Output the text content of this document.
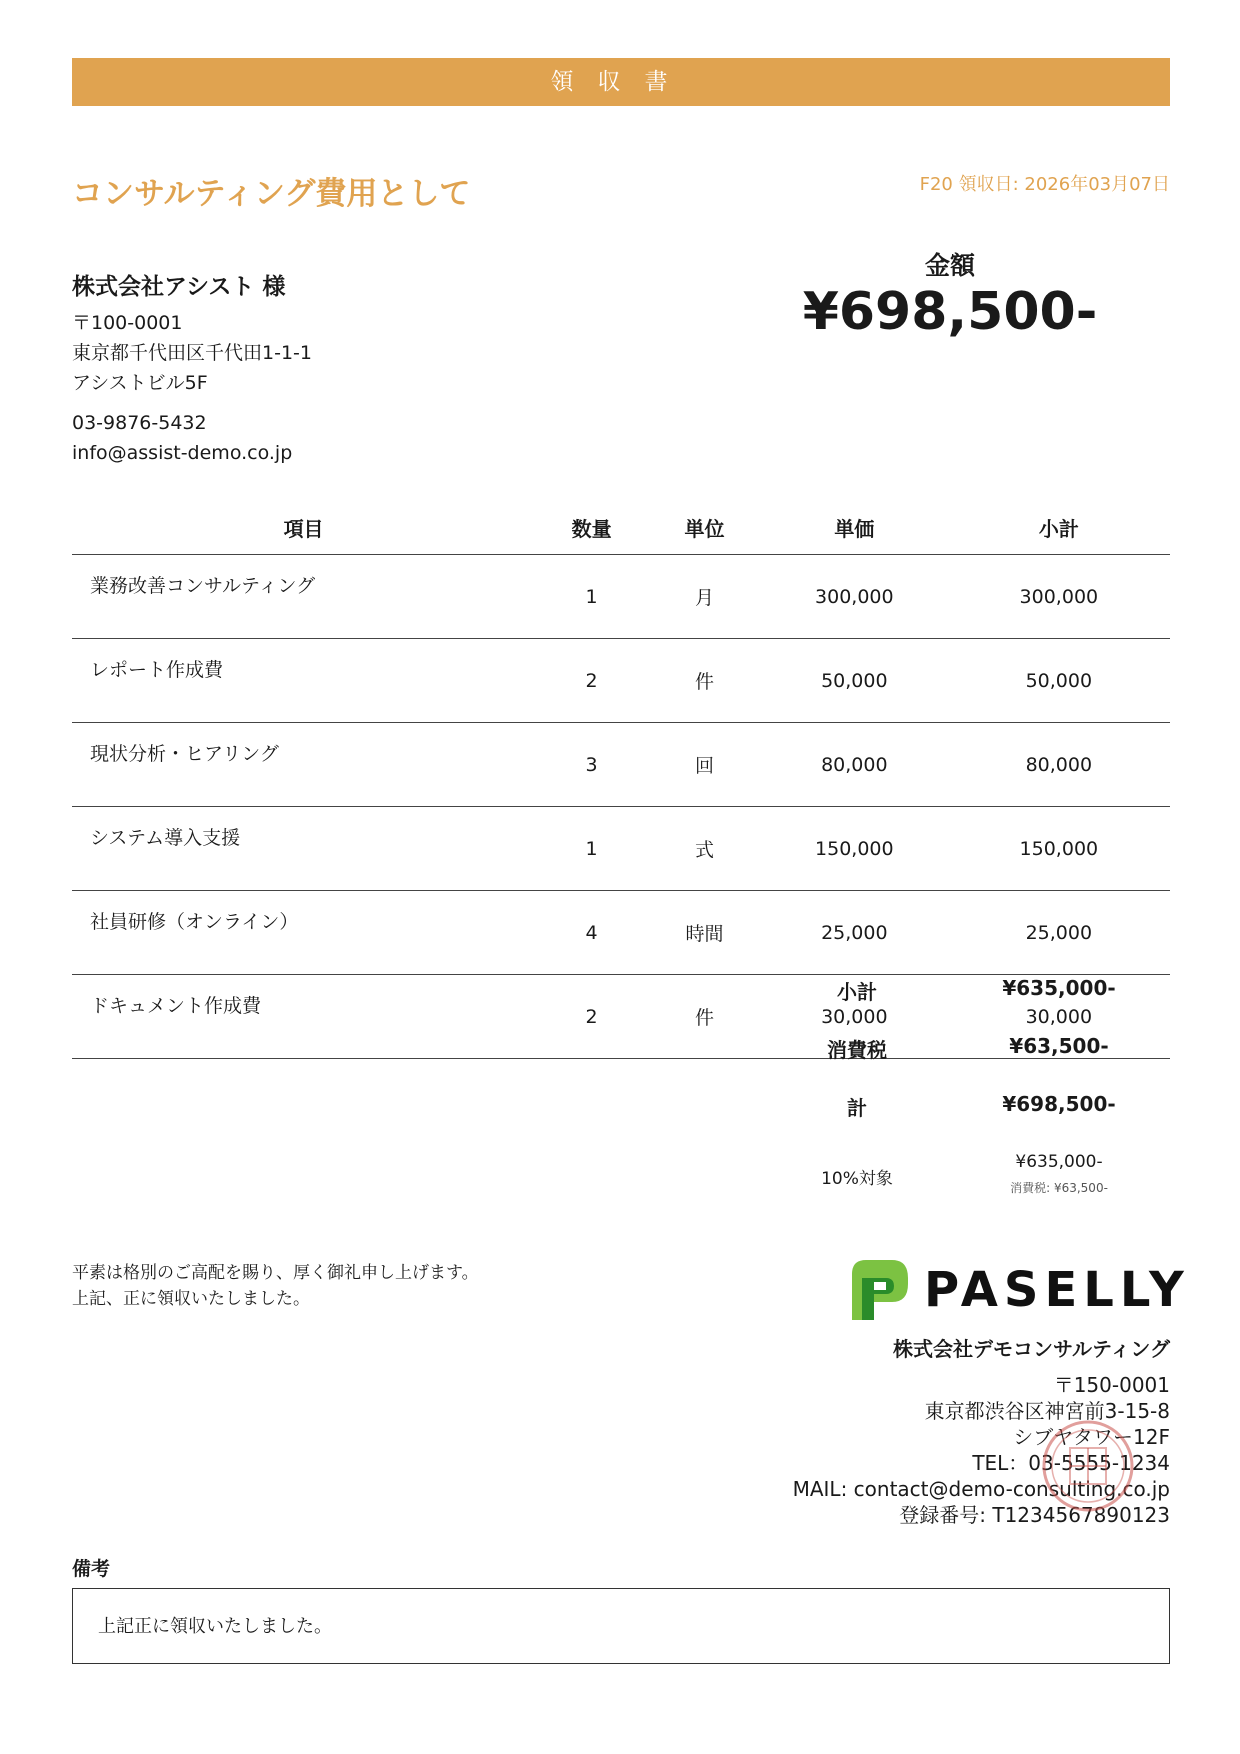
領収書
コンサルティング費用として	F20 領収日: 2026年03月07日
金額
¥698,500-
株式会社アシスト 様
〒100-0001
東京都千代田区千代田1-1-1
アシストビル5F
03-9876-5432
info@assist-demo.co.jp
項目	数量	単位	単価	小計
業務改善コンサルティング	1	月	300,000	300,000
レポート作成費	2	件	50,000	50,000
現状分析・ヒアリング	3	回	80,000	80,000
システム導入支援	1	式	150,000	150,000
社員研修（オンライン）	4	時間	25,000	25,000
ドキュメント作成費	2	件	30,000	30,000
小計	¥635,000-
消費税	¥63,500-
計	¥698,500-
10%対象
¥635,000-
消費税: ¥63,500-
平素は格別のご高配を賜り、厚く御礼申し上げます。
上記、正に領収いたしました。	PASELLY
株式会社デモコンサルティング
〒150-0001
東京都渋谷区神宮前3-15-8
シブヤタワー12F
TEL：03-5555-1234
MAIL: contact@demo-consulting.co.jp
登録番号: T1234567890123
備考
上記正に領収いたしました。
